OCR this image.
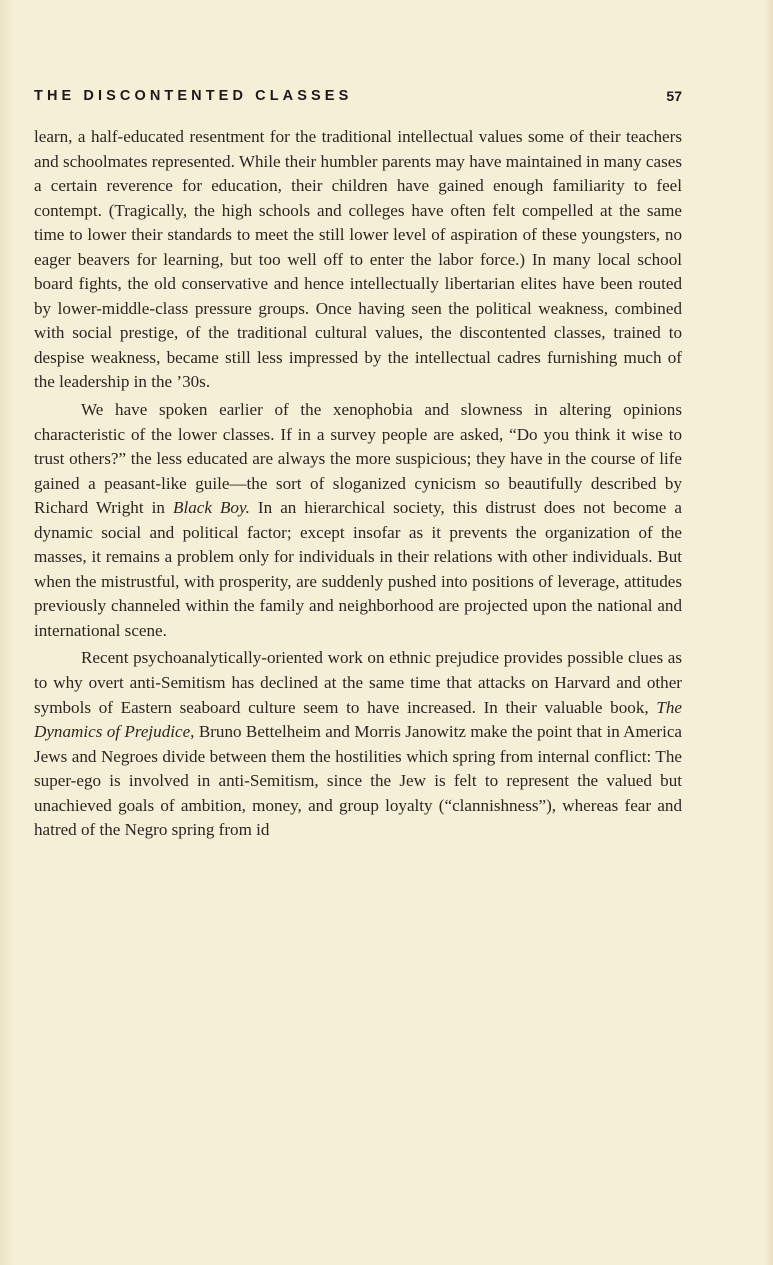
THE DISCONTENTED CLASSES	57

learn, a half-educated resentment for the traditional intellectual values some of their teachers and schoolmates represented. While their humbler parents may have maintained in many cases a certain reverence for education, their children have gained enough familiarity to feel contempt. (Tragically, the high schools and colleges have often felt compelled at the same time to lower their standards to meet the still lower level of aspiration of these youngsters, no eager beavers for learning, but too well off to enter the labor force.) In many local school board fights, the old conservative and hence intellectually libertarian elites have been routed by lower-middle-class pressure groups. Once having seen the political weakness, combined with social prestige, of the traditional cultural values, the discontented classes, trained to despise weakness, became still less impressed by the intellectual cadres furnishing much of the leadership in the ’30s.

We have spoken earlier of the xenophobia and slowness in altering opinions characteristic of the lower classes. If in a survey people are asked, “Do you think it wise to trust others?” the less educated are always the more suspicious; they have in the course of life gained a peasant-like guile—the sort of sloganized cynicism so beautifully described by Richard Wright in Black Boy. In an hierarchical society, this distrust does not become a dynamic social and political factor; except insofar as it prevents the organization of the masses, it remains a problem only for individuals in their relations with other individuals. But when the mistrustful, with prosperity, are suddenly pushed into positions of leverage, attitudes previously channeled within the family and neighborhood are projected upon the national and international scene.

Recent psychoanalytically-oriented work on ethnic prejudice provides possible clues as to why overt anti-Semitism has declined at the same time that attacks on Harvard and other symbols of Eastern seaboard culture seem to have increased. In their valuable book, The Dynamics of Prejudice, Bruno Bettelheim and Morris Janowitz make the point that in America Jews and Negroes divide between them the hostilities which spring from internal conflict: The super-ego is involved in anti-Semitism, since the Jew is felt to represent the valued but unachieved goals of ambition, money, and group loyalty (“clannishness”), whereas fear and hatred of the Negro spring from id
